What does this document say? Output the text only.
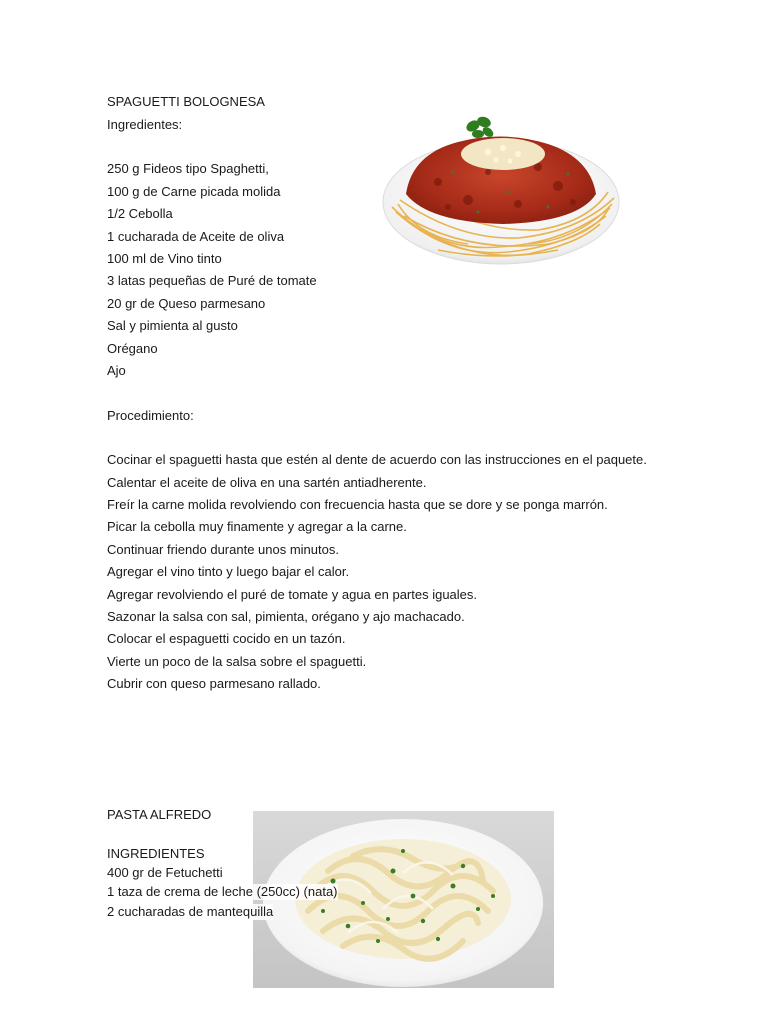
SPAGUETTI BOLOGNESA
Ingredientes:
250 g Fideos tipo Spaghetti,
100 g de Carne picada molida
1/2 Cebolla
1 cucharada de Aceite de oliva
100 ml de Vino tinto
3 latas pequeñas de Puré de tomate
20 gr de Queso parmesano
Sal y pimienta al gusto
Orégano
Ajo
Procedimiento:
Cocinar el spaguetti hasta que estén al dente de acuerdo con las instrucciones en el paquete.
Calentar el aceite de oliva en una sartén antiadherente.
Freír la carne molida revolviendo con frecuencia hasta que se dore y se ponga marrón.
Picar la cebolla muy finamente y agregar a la carne.
Continuar friendo durante unos minutos.
Agregar el vino tinto y luego bajar el calor.
Agregar revolviendo el puré de tomate y agua en partes iguales.
Sazonar la salsa con sal, pimienta, orégano y ajo machacado.
Colocar el espaguetti cocido en un tazón.
Vierte un poco de la salsa sobre el spaguetti.
Cubrir con queso parmesano rallado.
PASTA ALFREDO
INGREDIENTES
400 gr de Fetuchetti
1 taza de crema de leche (250cc) (nata)
2 cucharadas de mantequilla
